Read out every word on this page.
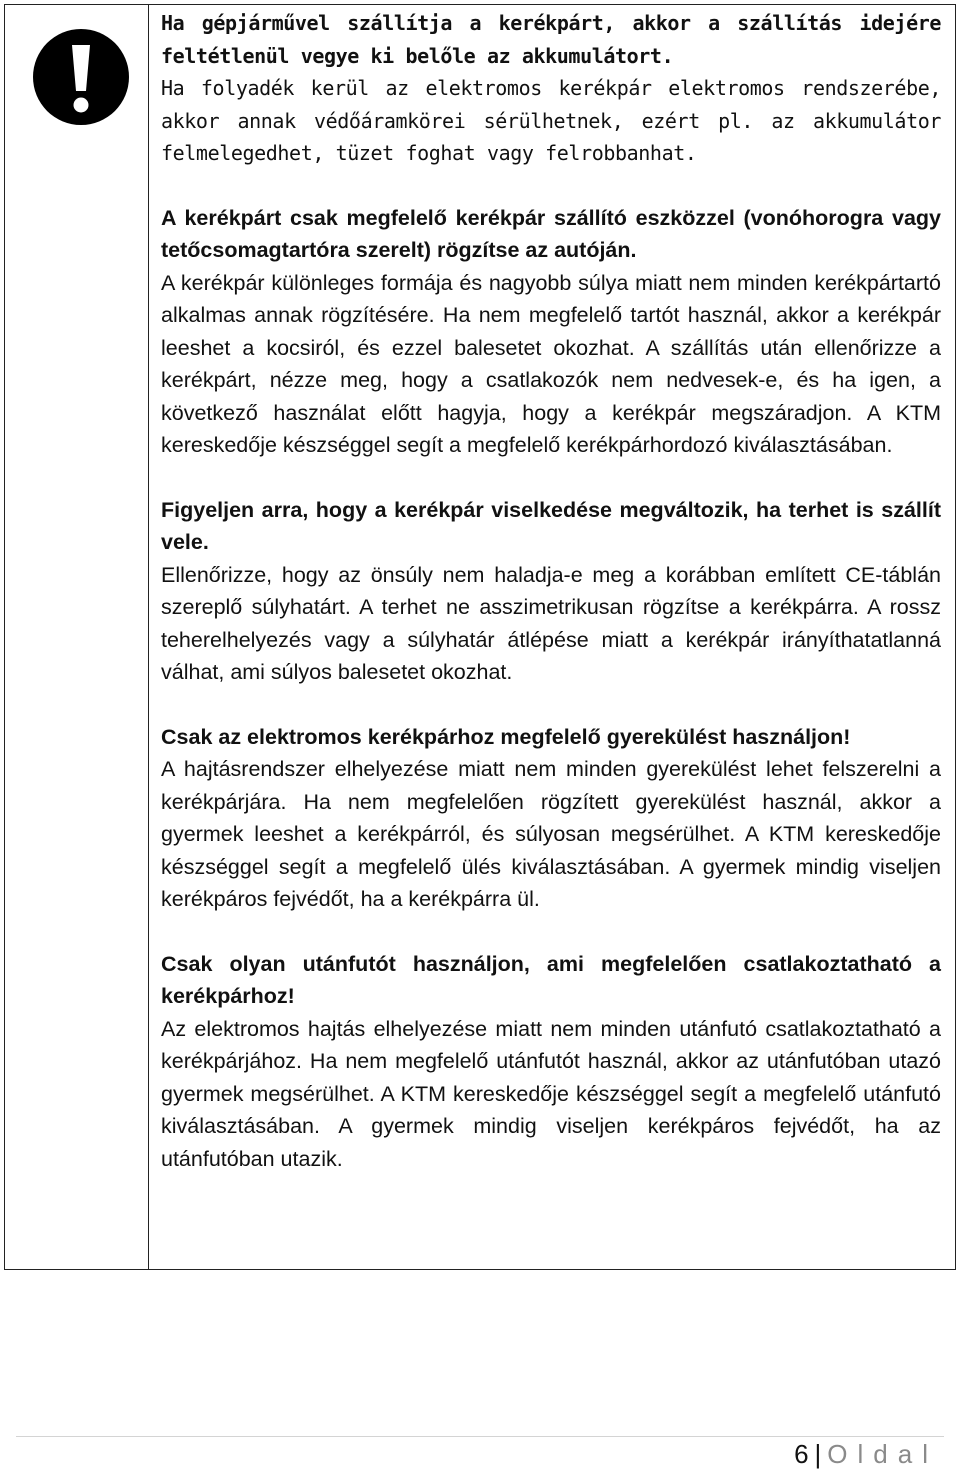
Ha gépjárművel szállítja a kerékpárt, akkor a szállítás idejére feltétlenül vegye ki belőle az akkumulátort.

Ha folyadék kerül az elektromos kerékpár elektromos rendszerébe, akkor annak védőáramkörei sérülhetnek, ezért pl. az akkumulátor felmelegedhet, tüzet foghat vagy felrobbanhat.

A kerékpárt csak megfelelő kerékpár szállító eszközzel (vonóhorogra vagy tetőcsomagtartóra szerelt) rögzítse az autóján.

A kerékpár különleges formája és nagyobb súlya miatt nem minden kerékpártartó alkalmas annak rögzítésére. Ha nem megfelelő tartót használ, akkor a kerékpár leeshet a kocsiról, és ezzel balesetet okozhat. A szállítás után ellenőrizze a kerékpárt, nézze meg, hogy a csatlakozók nem nedvesek-e, és ha igen, a következő használat előtt hagyja, hogy a kerékpár megszáradjon. A KTM kereskedője készséggel segít a megfelelő kerékpárhordozó kiválasztásában.

Figyeljen arra, hogy a kerékpár viselkedése megváltozik, ha terhet is szállít vele.

Ellenőrizze, hogy az önsúly nem haladja-e meg a korábban említett CE-táblán szereplő súlyhatárt. A terhet ne asszimetrikusan rögzítse a kerékpárra. A rossz teherelhelyezés vagy a súlyhatár átlépése miatt a kerékpár irányíthatatlanná válhat, ami súlyos balesetet okozhat.

Csak az elektromos kerékpárhoz megfelelő gyerekülést használjon!

A hajtásrendszer elhelyezése miatt nem minden gyerekülést lehet felszerelni a kerékpárjára. Ha nem megfelelően rögzített gyerekülést használ, akkor a gyermek leeshet a kerékpárról, és súlyosan megsérülhet. A KTM kereskedője készséggel segít a megfelelő ülés kiválasztásában. A gyermek mindig viseljen kerékpáros fejvédőt, ha a kerékpárra ül.

Csak olyan utánfutót használjon, ami megfelelően csatlakoztatható a kerékpárhoz!

Az elektromos hajtás elhelyezése miatt nem minden utánfutó csatlakoztatható a kerékpárjához. Ha nem megfelelő utánfutót használ, akkor az utánfutóban utazó gyermek megsérülhet. A KTM kereskedője készséggel segít a megfelelő utánfutó kiválasztásában. A gyermek mindig viseljen kerékpáros fejvédőt, ha az utánfutóban utazik.

6 | Oldal
